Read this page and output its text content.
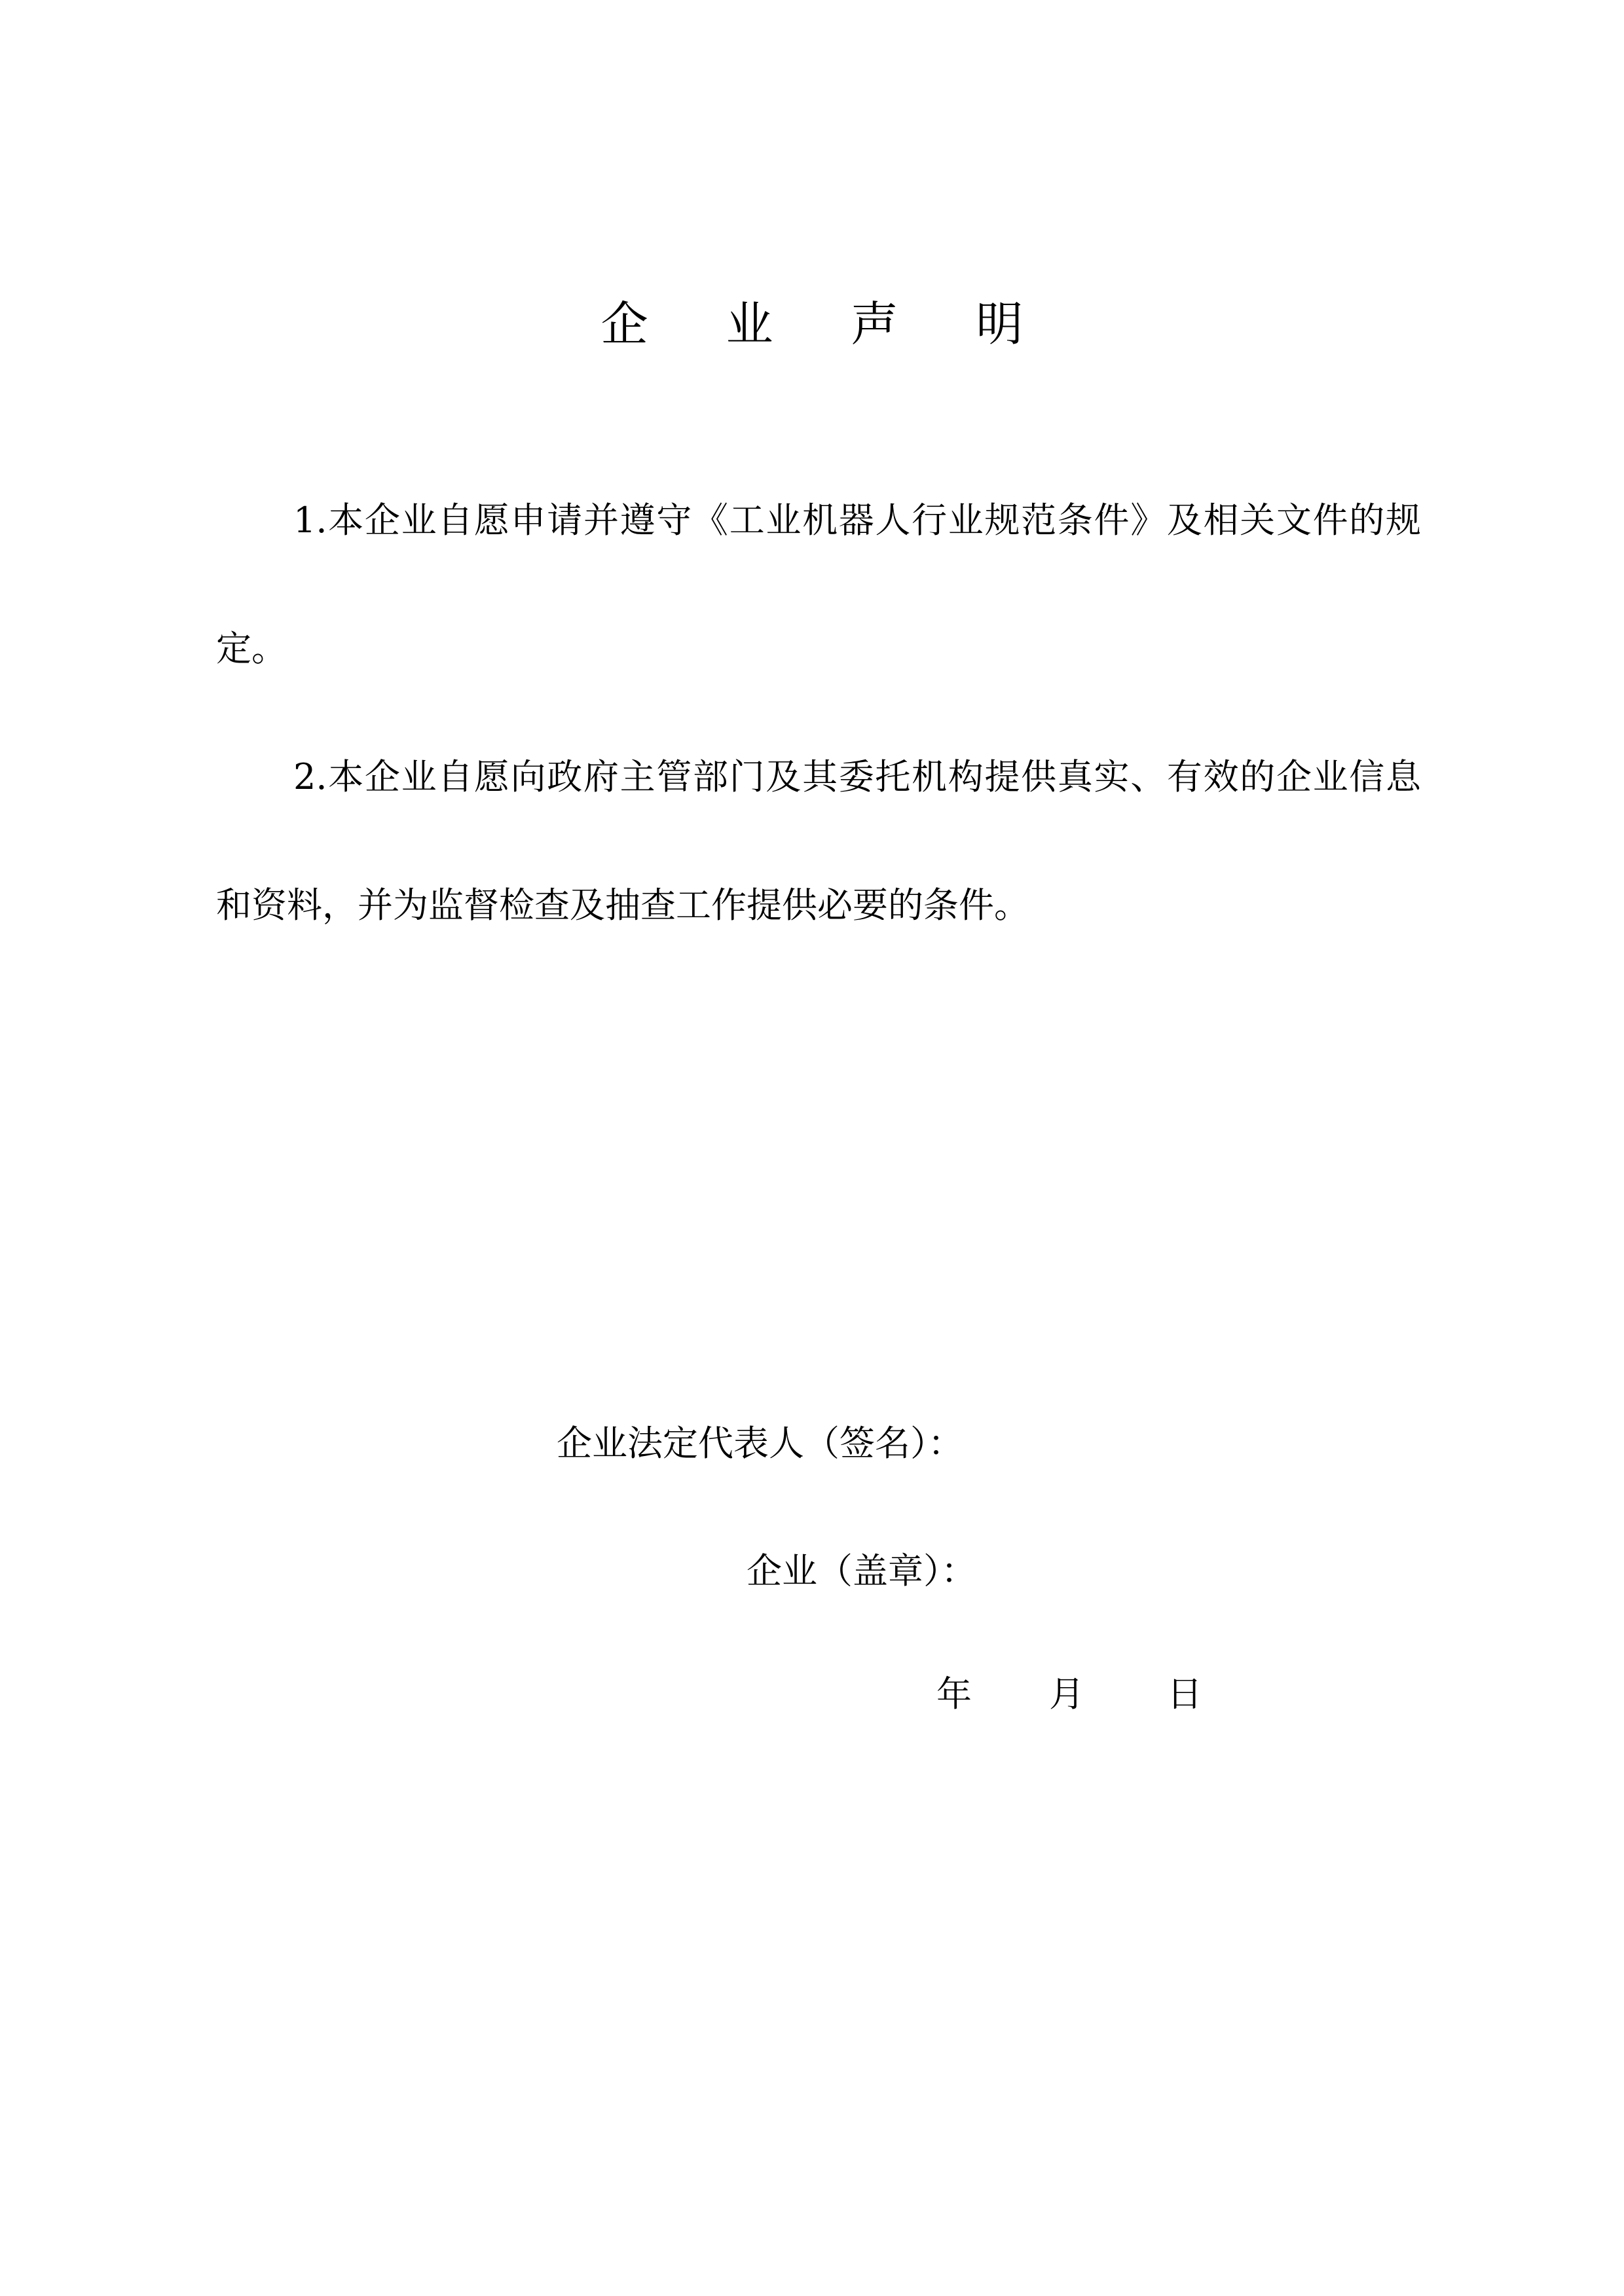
企 业 声 明

1.本企业自愿申请并遵守《工业机器人行业规范条件》及相关文件的规定。

2.本企业自愿向政府主管部门及其委托机构提供真实、有效的企业信息和资料，并为监督检查及抽查工作提供必要的条件。

企业法定代表人（签名）：
企业（盖章）：
年 月 日
